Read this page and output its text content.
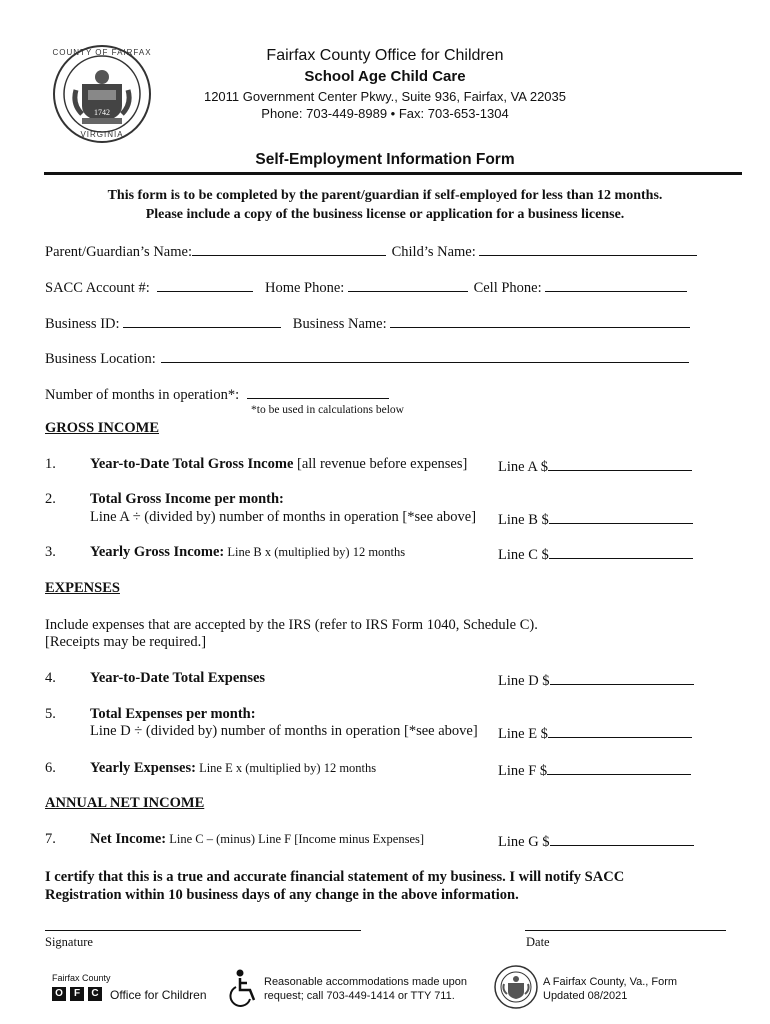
COUNTY OF FAIRFAX
1742
VIRGINIA
Fairfax County Office for Children
School Age Child Care
12011 Government Center Pkwy., Suite 936, Fairfax, VA 22035
Phone: 703-449-8989 • Fax: 703-653-1304
Self-Employment Information Form
This form is to be completed by the parent/guardian if self-employed for less than 12 months.
Please include a copy of the business license or application for a business license.
Parent/Guardian’s Name:	Child’s Name:
SACC Account #:	Home Phone:	Cell Phone:
Business ID:	Business Name:
Business Location:
Number of months in operation*:
*to be used in calculations below
GROSS INCOME
1. Year-to-Date Total Gross Income [all revenue before expenses] Line A $
2. Total Gross Income per month:
Line A ÷ (divided by) number of months in operation [*see above] Line B $
3. Yearly Gross Income: Line B x (multiplied by) 12 months	Line C $
EXPENSES
Include expenses that are accepted by the IRS (refer to IRS Form 1040, Schedule C).
[Receipts may be required.]
4. Year-to-Date Total Expenses	Line D $
5. Total Expenses per month:
Line D ÷ (divided by) number of months in operation [*see above] Line E $
6. Yearly Expenses: Line E x (multiplied by) 12 months	Line F $
ANNUAL NET INCOME
7. Net Income: Line C – (minus) Line F [Income minus Expenses]	Line G $
I certify that this is a true and accurate financial statement of my business. I will notify SACC
Registration within 10 business days of any change in the above information.
Signature	Date
Fairfax County
O	F	C Office for Children
Reasonable accommodations made upon
request; call 703-449-1414 or TTY 711.
A Fairfax County, Va., Form
Updated 08/2021
